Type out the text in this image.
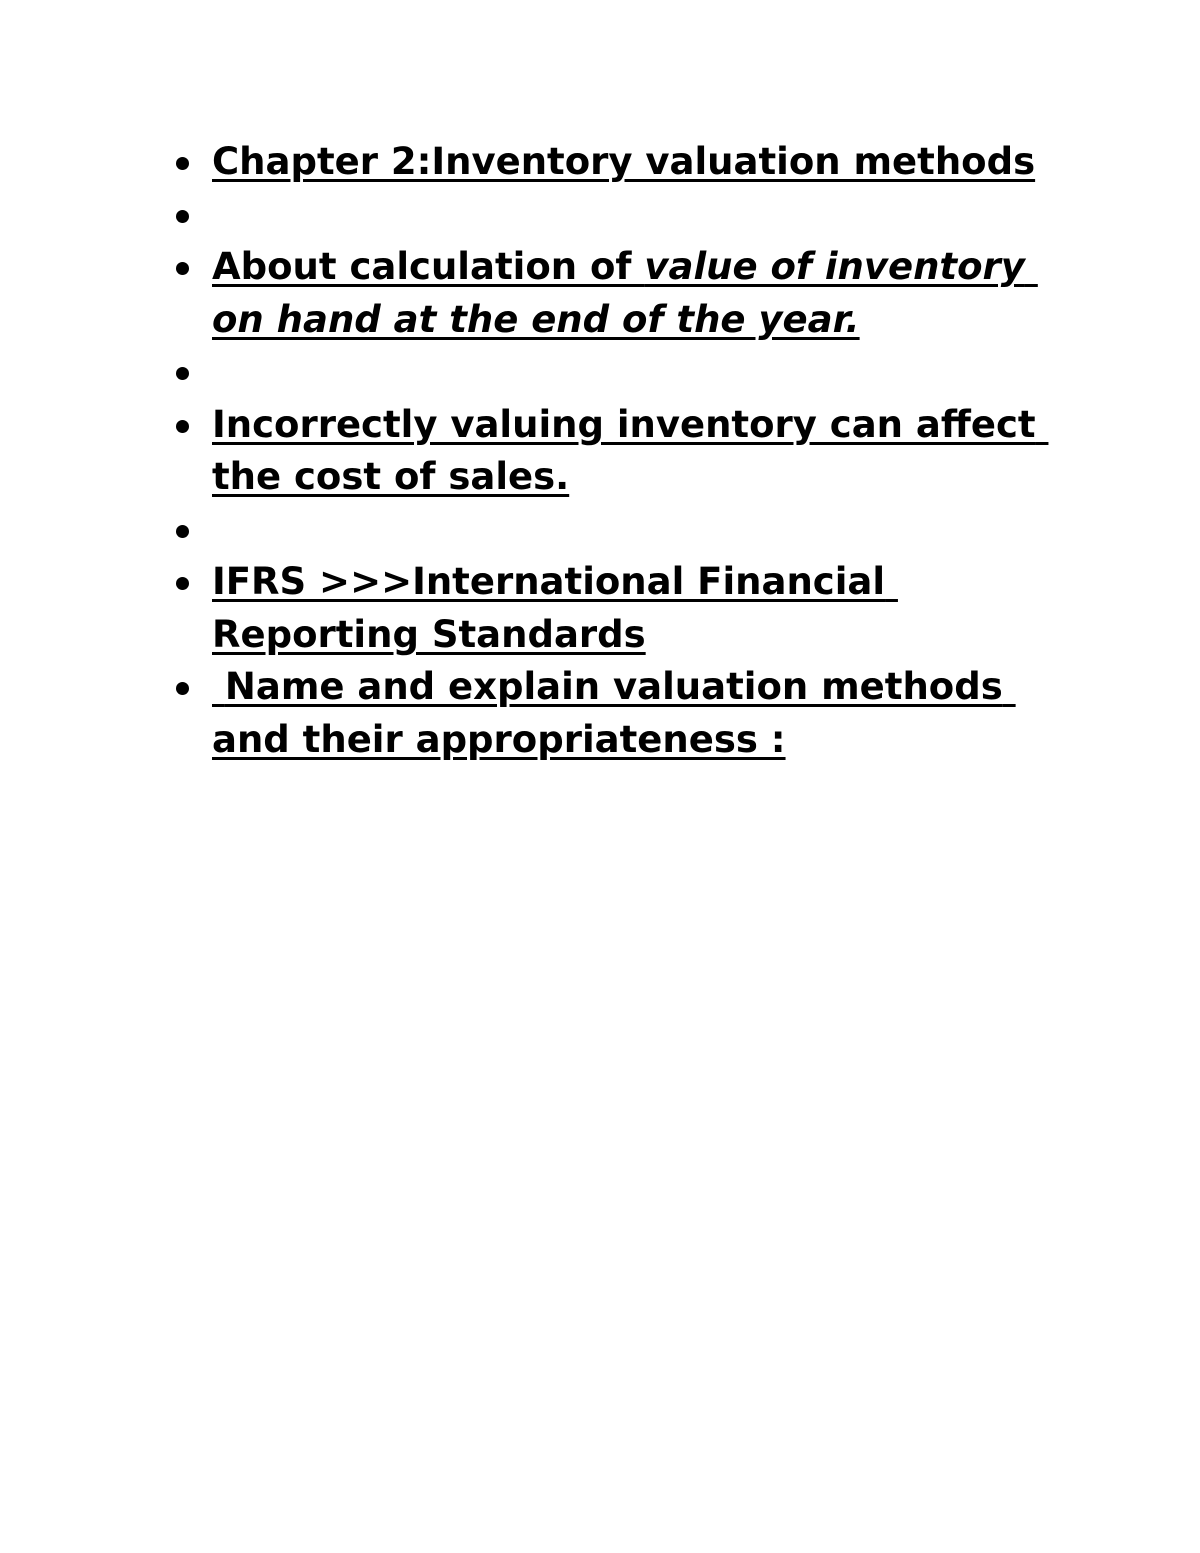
Chapter 2:Inventory valuation methods
About calculation of value of inventory on hand at the end of the year.
Incorrectly valuing inventory can affect the cost of sales.
IFRS >>>International Financial Reporting Standards
Name and explain valuation methods and their appropriateness :
